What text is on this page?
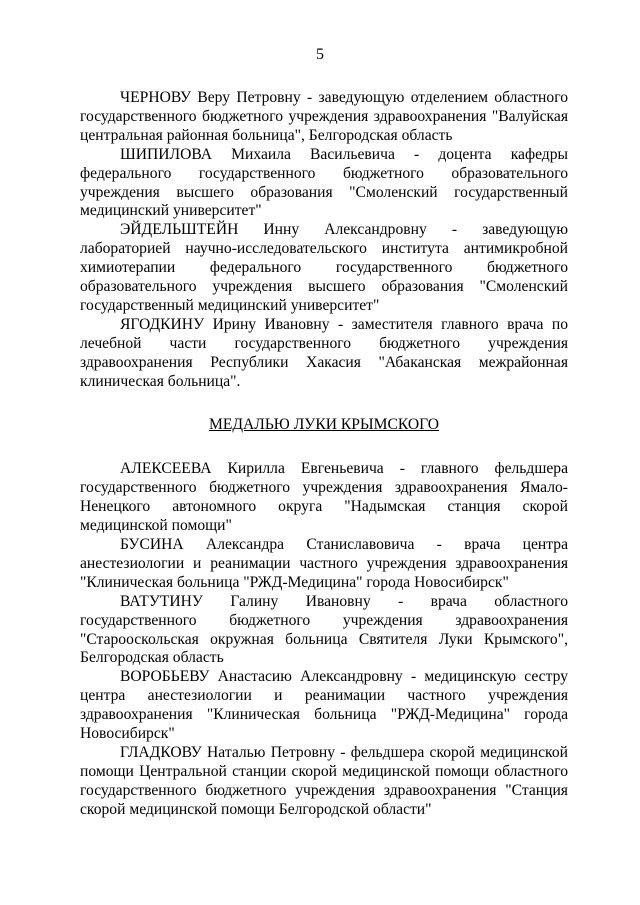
5

ЧЕРНОВУ Веру Петровну - заведующую отделением областного государственного бюджетного учреждения здравоохранения "Валуйская центральная районная больница", Белгородская область

ШИПИЛОВА Михаила Васильевича - доцента кафедры федерального государственного бюджетного образовательного учреждения высшего образования "Смоленский государственный медицинский университет"

ЭЙДЕЛЬШТЕЙН Инну Александровну - заведующую лабораторией научно-исследовательского института антимикробной химиотерапии федерального государственного бюджетного образовательного учреждения высшего образования "Смоленский государственный медицинский университет"

ЯГОДКИНУ Ирину Ивановну - заместителя главного врача по лечебной части государственного бюджетного учреждения здравоохранения Республики Хакасия "Абаканская межрайонная клиническая больница".

МЕДАЛЬЮ ЛУКИ КРЫМСКОГО

АЛЕКСЕЕВА Кирилла Евгеньевича - главного фельдшера государственного бюджетного учреждения здравоохранения Ямало-Ненецкого автономного округа "Надымская станция скорой медицинской помощи"

БУСИНА Александра Станиславовича - врача центра анестезиологии и реанимации частного учреждения здравоохранения "Клиническая больница "РЖД-Медицина" города Новосибирск"

ВАТУТИНУ Галину Ивановну - врача областного государственного бюджетного учреждения здравоохранения "Старооскольская окружная больница Святителя Луки Крымского", Белгородская область

ВОРОБЬЕВУ Анастасию Александровну - медицинскую сестру центра анестезиологии и реанимации частного учреждения здравоохранения "Клиническая больница "РЖД-Медицина" города Новосибирск"

ГЛАДКОВУ Наталью Петровну - фельдшера скорой медицинской помощи Центральной станции скорой медицинской помощи областного государственного бюджетного учреждения здравоохранения "Станция скорой медицинской помощи Белгородской области"
